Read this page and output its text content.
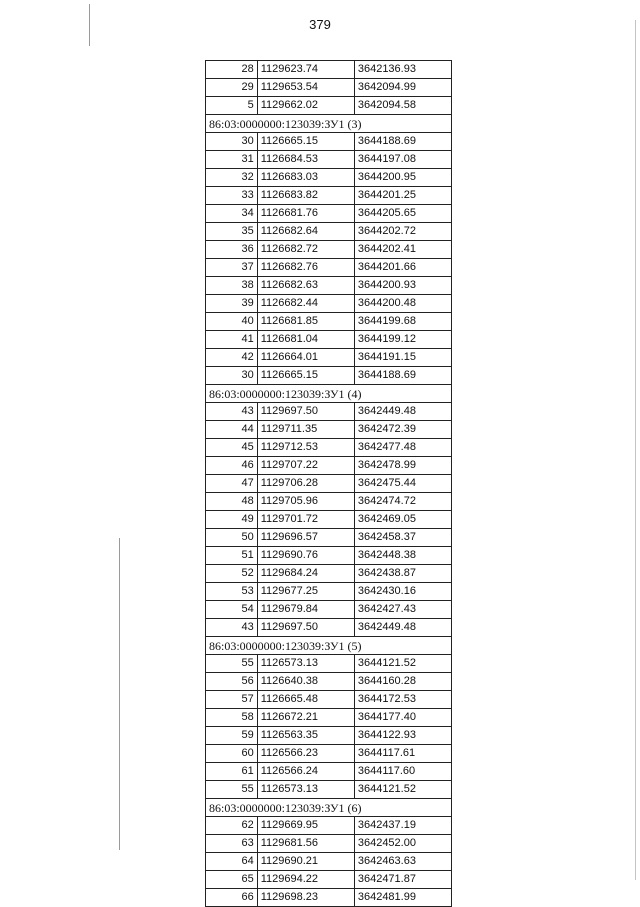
379
28	1129623.74	3642136.93
29	1129653.54	3642094.99
5	1129662.02	3642094.58
86:03:0000000:123039:ЗУ1 (3)		
30	1126665.15	3644188.69
31	1126684.53	3644197.08
32	1126683.03	3644200.95
33	1126683.82	3644201.25
34	1126681.76	3644205.65
35	1126682.64	3644202.72
36	1126682.72	3644202.41
37	1126682.76	3644201.66
38	1126682.63	3644200.93
39	1126682.44	3644200.48
40	1126681.85	3644199.68
41	1126681.04	3644199.12
42	1126664.01	3644191.15
30	1126665.15	3644188.69
86:03:0000000:123039:ЗУ1 (4)		
43	1129697.50	3642449.48
44	1129711.35	3642472.39
45	1129712.53	3642477.48
46	1129707.22	3642478.99
47	1129706.28	3642475.44
48	1129705.96	3642474.72
49	1129701.72	3642469.05
50	1129696.57	3642458.37
51	1129690.76	3642448.38
52	1129684.24	3642438.87
53	1129677.25	3642430.16
54	1129679.84	3642427.43
43	1129697.50	3642449.48
86:03:0000000:123039:ЗУ1 (5)		
55	1126573.13	3644121.52
56	1126640.38	3644160.28
57	1126665.48	3644172.53
58	1126672.21	3644177.40
59	1126563.35	3644122.93
60	1126566.23	3644117.61
61	1126566.24	3644117.60
55	1126573.13	3644121.52
86:03:0000000:123039:ЗУ1 (6)		
62	1129669.95	3642437.19
63	1129681.56	3642452.00
64	1129690.21	3642463.63
65	1129694.22	3642471.87
66	1129698.23	3642481.99
